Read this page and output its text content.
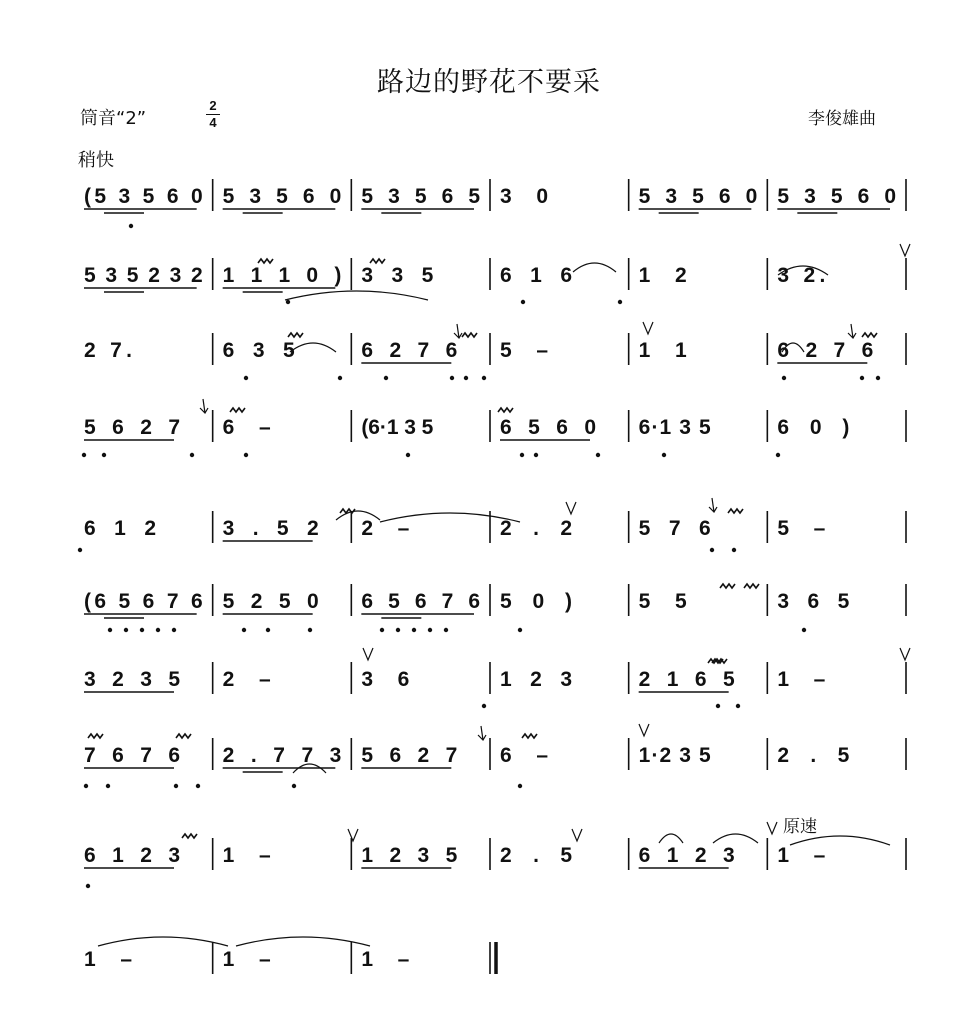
路边的野花不要采
筒音“2”
2
4	李俊雄曲
稍快
原速
(5 3 5 6 0 5 3 5 6 0 5 3 5 6 5 3 0	5 3 5 6 0 5 3 5 6 0
5 3 5 2 3 2 1 1 1 0 ) 3 3 5	6 1 6	1 2	3 2.
2 7.	6 3 5	6 2 7 6 5 –	1 1	6 2 7 6
5 6 2 7 6 –	(6·1 3 5	6 5 6 0 6·1 3 5	6 0 )
6 1 2	3 . 5 2 2 –	2 . 2	5 7 6	5 –
(6 5 6 7 6 5 2 5 0 6 5 6 7 6 5 0 )	5 5	3 6 5
3 2 3 5 2 –	3 6	1 2 3	2 1 6 5 1 –
7 6 7 6 2 . 7 7 3 5 6 2 7 6 –	1·2 3 5	2 . 5
6 1 2 3 1 –	1 2 3 5 2 . 5	6 1 2 3 1 –
1 –	1 –	1 –
